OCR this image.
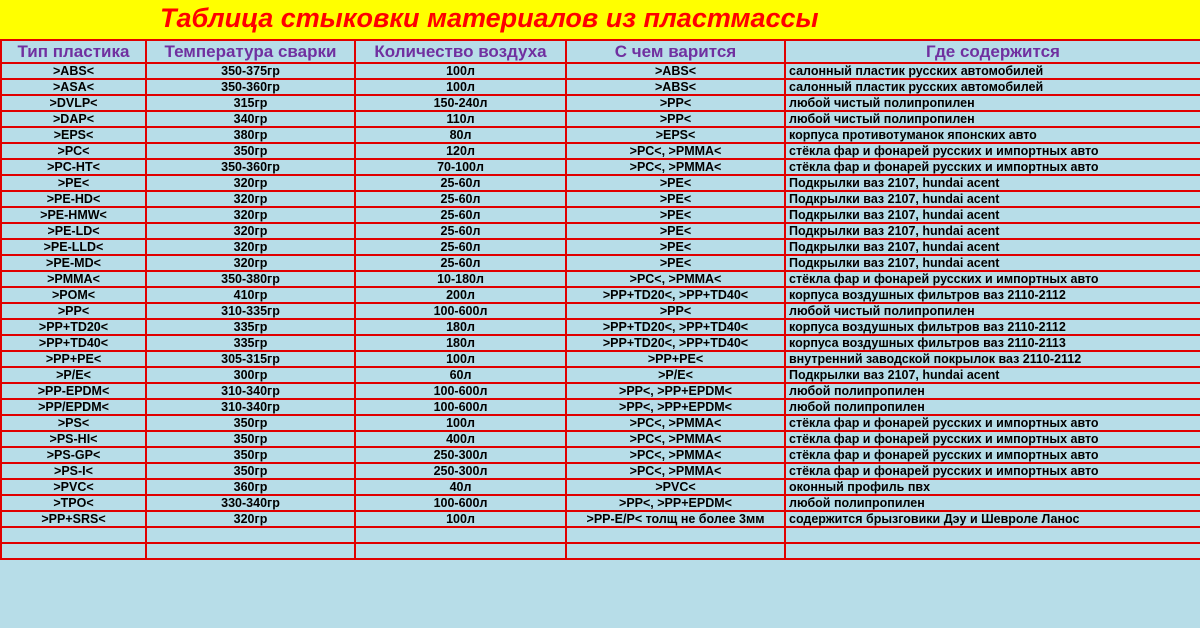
Таблица стыковки материалов из пластмассы
Тип пластика	Температура сварки	Количество воздуха	С чем варится	Где содержится
>ABS<	350-375гр	100л	>ABS<	салонный пластик русских автомобилей
>ASA<	350-360гр	100л	>ABS<	салонный пластик русских автомобилей
>DVLP<	315гр	150-240л	>PP<	любой чистый полипропилен
>DAP<	340гр	110л	>PP<	любой чистый полипропилен
>EPS<	380гр	80л	>EPS<	корпуса противотуманок японских авто
>PC<	350гр	120л	>PC<, >PMMA<	стёкла фар и фонарей русских и импортных авто
>PC-HT<	350-360гр	70-100л	>PC<, >PMMA<	стёкла фар и фонарей русских и импортных авто
>PE<	320гр	25-60л	>PE<	Подкрылки ваз 2107, hundai acent
>PE-HD<	320гр	25-60л	>PE<	Подкрылки ваз 2107, hundai acent
>PE-HMW<	320гр	25-60л	>PE<	Подкрылки ваз 2107, hundai acent
>PE-LD<	320гр	25-60л	>PE<	Подкрылки ваз 2107, hundai acent
>PE-LLD<	320гр	25-60л	>PE<	Подкрылки ваз 2107, hundai acent
>PE-MD<	320гр	25-60л	>PE<	Подкрылки ваз 2107, hundai acent
>PMMA<	350-380гр	10-180л	>PC<, >PMMA<	стёкла фар и фонарей русских и импортных авто
>POM<	410гр	200л	>PP+TD20<, >PP+TD40<	корпуса воздушных фильтров ваз 2110-2112
>PP<	310-335гр	100-600л	>PP<	любой чистый полипропилен
>PP+TD20<	335гр	180л	>PP+TD20<, >PP+TD40<	корпуса воздушных фильтров ваз 2110-2112
>PP+TD40<	335гр	180л	>PP+TD20<, >PP+TD40<	корпуса воздушных фильтров ваз 2110-2113
>PP+PE<	305-315гр	100л	>PP+PE<	внутренний заводской покрылок ваз 2110-2112
>P/E<	300гр	60л	>P/E<	Подкрылки ваз 2107, hundai acent
>PP-EPDM<	310-340гр	100-600л	>PP<, >PP+EPDM<	любой полипропилен
>PP/EPDM<	310-340гр	100-600л	>PP<, >PP+EPDM<	любой полипропилен
>PS<	350гр	100л	>PC<, >PMMA<	стёкла фар и фонарей русских и импортных авто
>PS-HI<	350гр	400л	>PC<, >PMMA<	стёкла фар и фонарей русских и импортных авто
>PS-GP<	350гр	250-300л	>PC<, >PMMA<	стёкла фар и фонарей русских и импортных авто
>PS-I<	350гр	250-300л	>PC<, >PMMA<	стёкла фар и фонарей русских и импортных авто
>PVC<	360гр	40л	>PVC<	оконный профиль пвх
>TPO<	330-340гр	100-600л	>PP<, >PP+EPDM<	любой полипропилен
>PP+SRS<	320гр	100л	>PP-E/P< толщ не более 3мм	содержится брызговики Дэу и Шевроле Ланос
